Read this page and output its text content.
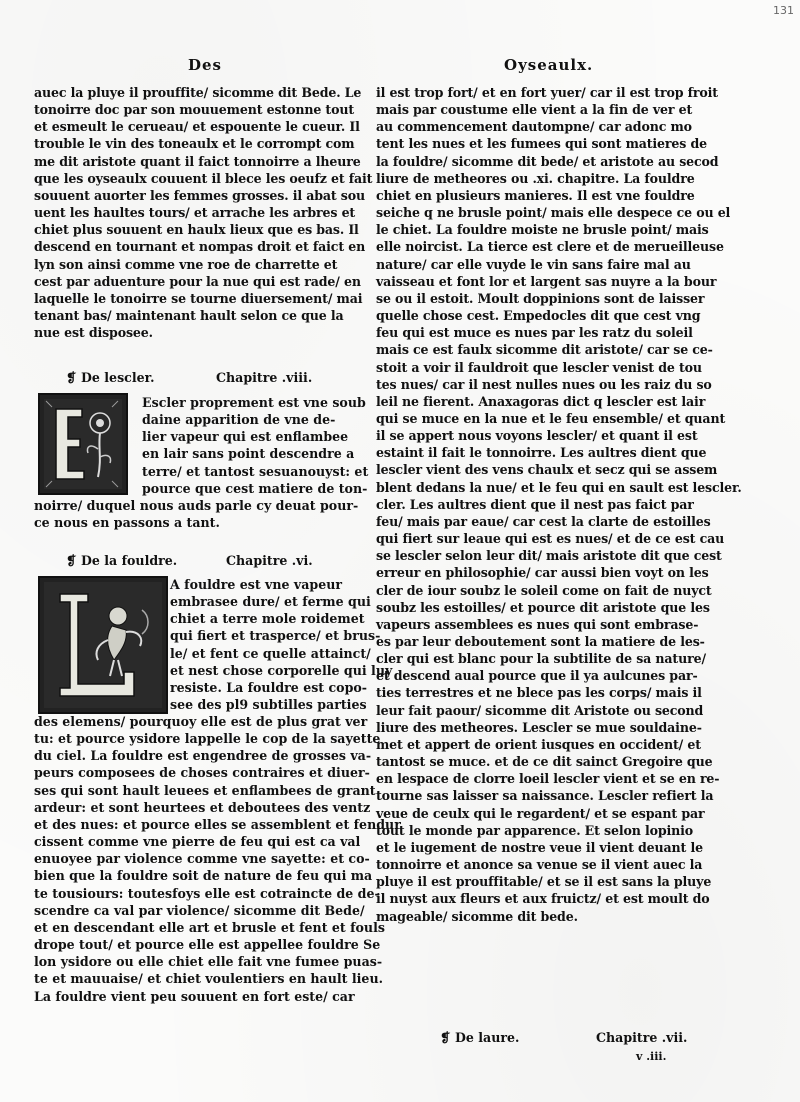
131
Des	Oyseaulx.

auec la pluye il prouffite/ sicomme dit Bede. Le
tonoirre doc par son mouuement estonne tout
et esmeult le cerueau/ et espouente le cueur. Il
trouble le vin des toneaulx et le corrompt com
me dit aristote quant il faict tonnoirre a lheure
que les oyseaulx couuent il blece les oeufz et fait
souuent auorter les femmes grosses. il abat sou
uent les haultes tours/ et arrache les arbres et
chiet plus souuent en haulx lieux que es bas. Il
descend en tournant et nompas droit et faict en
lyn son ainsi comme vne roe de charrette et
cest par aduenture pour la nue qui est rade/ en
laquelle le tonoirre se tourne diuersement/ mai
tenant bas/ maintenant hault selon ce que la
nue est disposee.
❡ De lescler.	Chapitre .viii.
Escler proprement est vne soub
daine apparition de vne de-
lier vapeur qui est enflambee
en lair sans point descendre a
terre/ et tantost sesuanouyst: et
pource que cest matiere de ton-
noirre/ duquel nous auds parle cy deuat pour-
ce nous en passons a tant.
❡ De la fouldre.	Chapitre .vi.
A fouldre est vne vapeur
embrasee dure/ et ferme qui
chiet a terre mole roidemet
qui fiert et trasperce/ et brus-
le/ et fent ce quelle attainct/
et nest chose corporelle qui luy
resiste. La fouldre est copo-
see des pl9 subtilles parties
des elemens/ pourquoy elle est de plus grat ver
tu: et pource ysidore lappelle le cop de la sayette
du ciel. La fouldre est engendree de grosses va-
peurs composees de choses contraires et diuer-
ses qui sont hault leuees et enflambees de grant
ardeur: et sont heurtees et deboutees des ventz
et des nues: et pource elles se assemblent et fendur
cissent comme vne pierre de feu qui est ca val
enuoyee par violence comme vne sayette: et co-
bien que la fouldre soit de nature de feu qui ma
te tousiours: toutesfoys elle est cotraincte de de-
scendre ca val par violence/ sicomme dit Bede/
et en descendant elle art et brusle et fent et fouls
drope tout/ et pource elle est appellee fouldre Se
lon ysidore ou elle chiet elle fait vne fumee puas-
te et mauuaise/ et chiet voulentiers en hault lieu.
La fouldre vient peu souuent en fort este/ car
il est trop fort/ et en fort yuer/ car il est trop froit
mais par coustume elle vient a la fin de ver et
au commencement dautompne/ car adonc mo
tent les nues et les fumees qui sont matieres de
la fouldre/ sicomme dit bede/ et aristote au secod
liure de metheores ou .xi. chapitre. La fouldre
chiet en plusieurs manieres. Il est vne fouldre
seiche q ne brusle point/ mais elle despece ce ou el
le chiet. La fouldre moiste ne brusle point/ mais
elle noircist. La tierce est clere et de merueilleuse
nature/ car elle vuyde le vin sans faire mal au
vaisseau et font lor et largent sas nuyre a la bour
se ou il estoit. Moult doppinions sont de laisser
quelle chose cest. Empedocles dit que cest vng
feu qui est muce es nues par les ratz du soleil
mais ce est faulx sicomme dit aristote/ car se ce-
stoit a voir il fauldroit que lescler venist de tou
tes nues/ car il nest nulles nues ou les raiz du so
leil ne fierent. Anaxagoras dict q lescler est lair
qui se muce en la nue et le feu ensemble/ et quant
il se appert nous voyons lescler/ et quant il est
estaint il fait le tonnoirre. Les aultres dient que
lescler vient des vens chaulx et secz qui se assem
blent dedans la nue/ et le feu qui en sault est lescler.
cler. Les aultres dient que il nest pas faict par
feu/ mais par eaue/ car cest la clarte de estoilles
qui fiert sur leaue qui est es nues/ et de ce est cau
se lescler selon leur dit/ mais aristote dit que cest
erreur en philosophie/ car aussi bien voyt on les
cler de iour soubz le soleil come on fait de nuyct
soubz les estoilles/ et pource dit aristote que les
vapeurs assemblees es nues qui sont embrase-
es par leur deboutement sont la matiere de les-
cler qui est blanc pour la subtilite de sa nature/
et descend aual pource que il ya aulcunes par-
ties terrestres et ne blece pas les corps/ mais il
leur fait paour/ sicomme dit Aristote ou second
liure des metheores. Lescler se mue souldaine-
met et appert de orient iusques en occident/ et
tantost se muce. et de ce dit sainct Gregoire que
en lespace de clorre loeil lescler vient et se en re-
tourne sas laisser sa naissance. Lescler refiert la
veue de ceulx qui le regardent/ et se espant par
tout le monde par apparence. Et selon lopinio
et le iugement de nostre veue il vient deuant le
tonnoirre et anonce sa venue se il vient auec la
pluye il est prouffitable/ et se il est sans la pluye
il nuyst aux fleurs et aux fruictz/ et est moult do
mageable/ sicomme dit bede.
❡ De laure.	Chapitre .vii.
v .iii.
